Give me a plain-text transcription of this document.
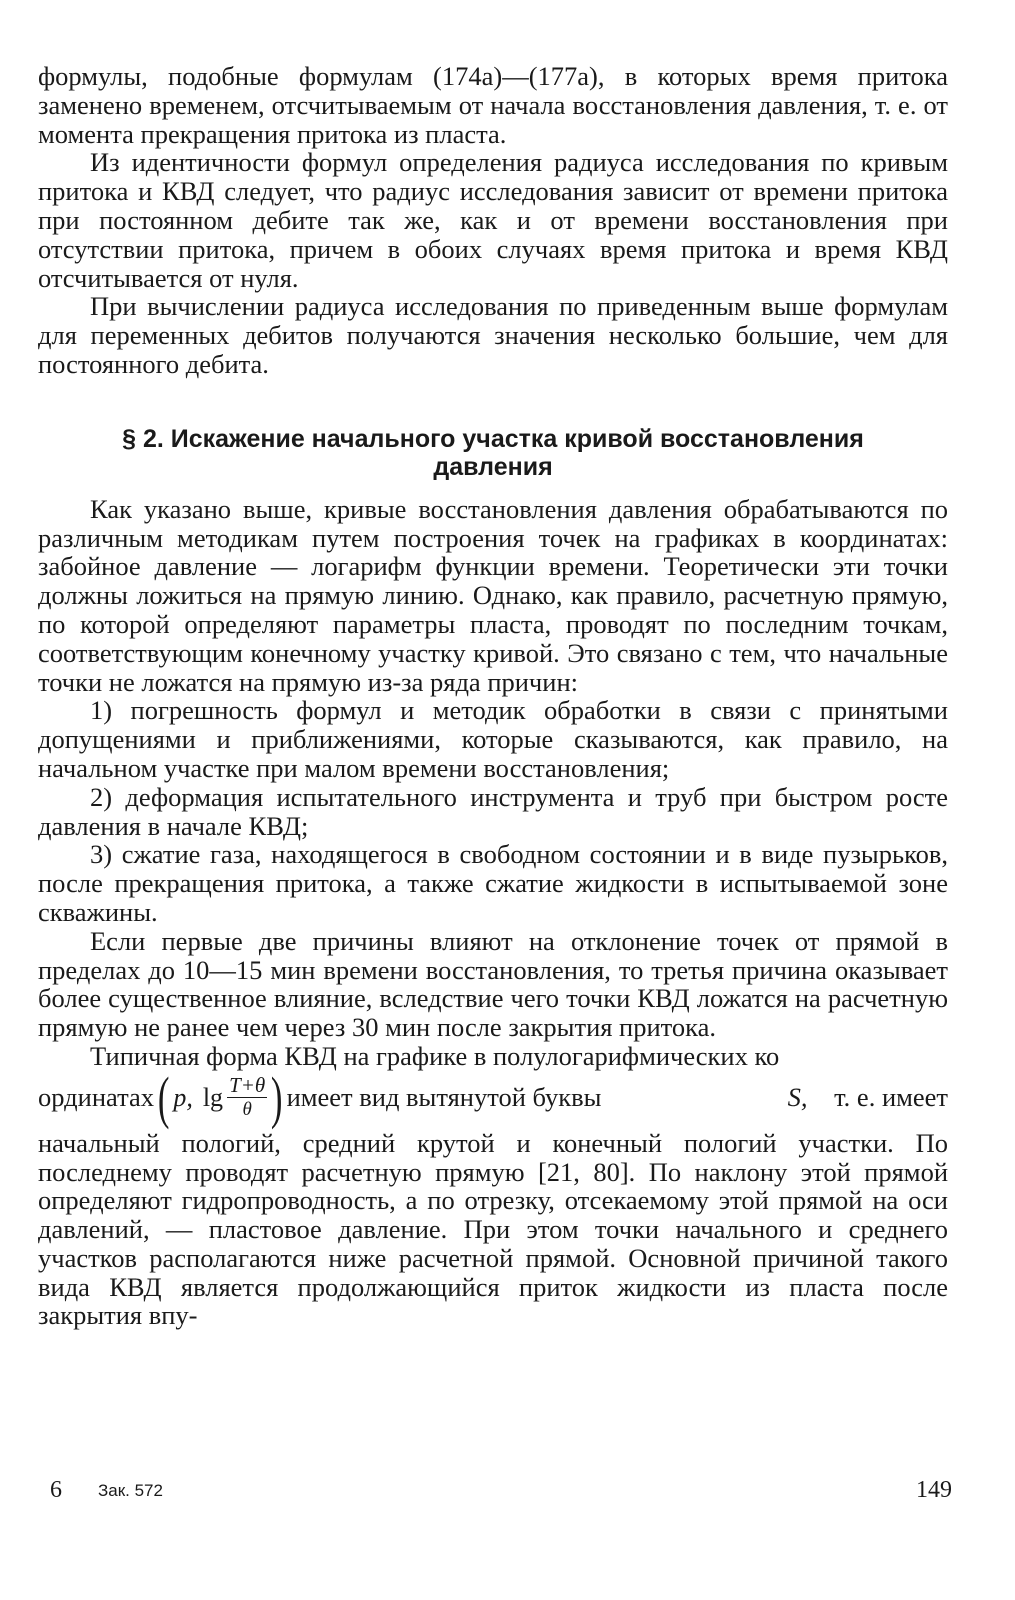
формулы, подобные формулам (174а)—(177а), в которых время притока заменено временем, отсчитываемым от начала восстановления давления, т. е. от момента прекращения притока из пласта.

Из идентичности формул определения радиуса исследования по кривым притока и КВД следует, что радиус исследования зависит от времени притока при постоянном дебите так же, как и от времени восстановления при отсутствии притока, причем в обоих случаях время притока и время КВД отсчитывается от нуля.

При вычислении радиуса исследования по приведенным выше формулам для переменных дебитов получаются значения несколько большие, чем для постоянного дебита.

§ 2. Искажение начального участка кривой восстановления давления

Как указано выше, кривые восстановления давления обрабатываются по различным методикам путем построения точек на графиках в координатах: забойное давление — логарифм функции времени. Теоретически эти точки должны ложиться на прямую линию. Однако, как правило, расчетную прямую, по которой определяют параметры пласта, проводят по последним точкам, соответствующим конечному участку кривой. Это связано с тем, что начальные точки не ложатся на прямую из-за ряда причин:

1) погрешность формул и методик обработки в связи с принятыми допущениями и приближениями, которые сказываются, как правило, на начальном участке при малом времени восстановления;

2) деформация испытательного инструмента и труб при быстром росте давления в начале КВД;

3) сжатие газа, находящегося в свободном состоянии и в виде пузырьков, после прекращения притока, а также сжатие жидкости в испытываемой зоне скважины.

Если первые две причины влияют на отклонение точек от прямой в пределах до 10—15 мин времени восстановления, то третья причина оказывает более существенное влияние, вследствие чего точки КВД ложатся на расчетную прямую не ранее чем через 30 мин после закрытия притока.

Типичная форма КВД на графике в полулогарифмических ко

ординатах ( p, $\lg \frac{T+\theta}{\theta}$ ) имеет вид вытянутой буквы	S, т. е. имеет

начальный пологий, средний крутой и конечный пологий участки. По последнему проводят расчетную прямую [21, 80]. По наклону этой прямой определяют гидропроводность, а по отрезку, отсекаемому этой прямой на оси давлений, — пластовое давление. При этом точки начального и среднего участков располагаются ниже расчетной прямой. Основной причиной такого вида КВД является продолжающийся приток жидкости из пласта после закрытия впу-

6 Зак. 572	149
